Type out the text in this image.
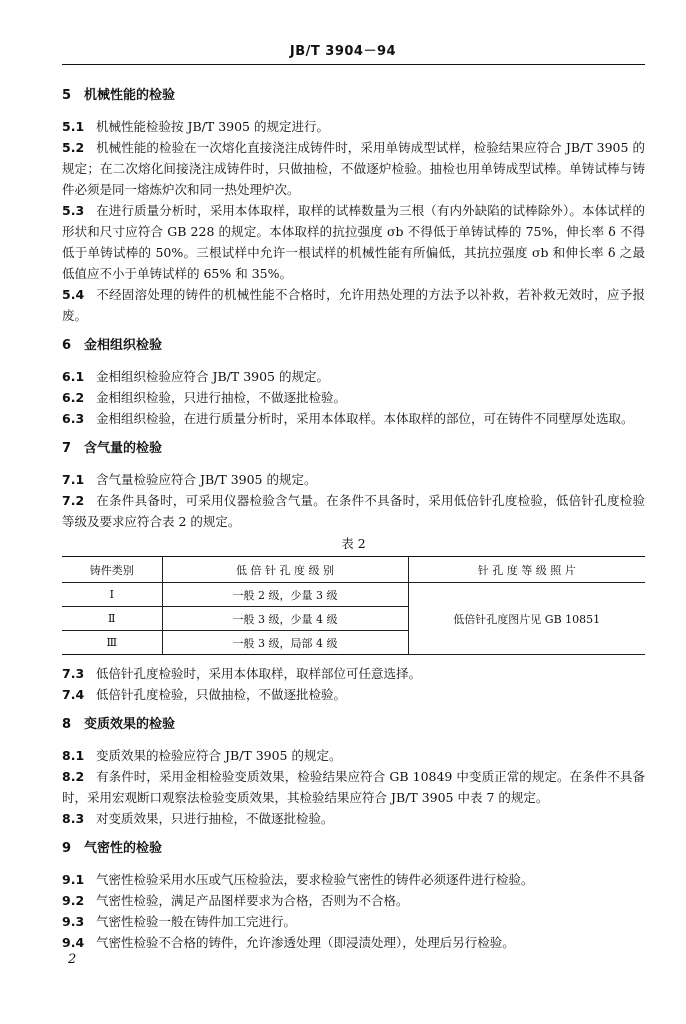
JB/T 3904－94
5 机械性能的检验
5.1 机械性能检验按 JB/T 3905 的规定进行。
5.2 机械性能的检验在一次熔化直接浇注成铸件时，采用单铸成型试样，检验结果应符合 JB/T 3905 的规定；在二次熔化间接浇注成铸件时，只做抽检，不做逐炉检验。抽检也用单铸成型试棒。单铸试棒与铸件必须是同一熔炼炉次和同一热处理炉次。
5.3 在进行质量分析时，采用本体取样，取样的试棒数量为三根（有内外缺陷的试棒除外）。本体试样的形状和尺寸应符合 GB 228 的规定。本体取样的抗拉强度 σb 不得低于单铸试棒的 75%，伸长率 δ 不得低于单铸试棒的 50%。三根试样中允许一根试样的机械性能有所偏低，其抗拉强度 σb 和伸长率 δ 之最低值应不小于单铸试样的 65% 和 35%。
5.4 不经固溶处理的铸件的机械性能不合格时，允许用热处理的方法予以补救，若补救无效时，应予报废。
6 金相组织检验
6.1 金相组织检验应符合 JB/T 3905 的规定。
6.2 金相组织检验，只进行抽检，不做逐批检验。
6.3 金相组织检验，在进行质量分析时，采用本体取样。本体取样的部位，可在铸件不同壁厚处选取。
7 含气量的检验
7.1 含气量检验应符合 JB/T 3905 的规定。
7.2 在条件具备时，可采用仪器检验含气量。在条件不具备时，采用低倍针孔度检验，低倍针孔度检验等级及要求应符合表 2 的规定。
表 2
铸件类别	低 倍 针 孔 度 级 别	针 孔 度 等 级 照 片
Ⅰ	一般 2 级，少量 3 级	低倍针孔度图片见 GB 10851
Ⅱ	一般 3 级，少量 4 级	
Ⅲ	一般 3 级，局部 4 级	
7.3 低倍针孔度检验时，采用本体取样，取样部位可任意选择。
7.4 低倍针孔度检验，只做抽检，不做逐批检验。
8 变质效果的检验
8.1 变质效果的检验应符合 JB/T 3905 的规定。
8.2 有条件时，采用金相检验变质效果，检验结果应符合 GB 10849 中变质正常的规定。在条件不具备时，采用宏观断口观察法检验变质效果，其检验结果应符合 JB/T 3905 中表 7 的规定。
8.3 对变质效果，只进行抽检，不做逐批检验。
9 气密性的检验
9.1 气密性检验采用水压或气压检验法，要求检验气密性的铸件必须逐件进行检验。
9.2 气密性检验，满足产品图样要求为合格，否则为不合格。
9.3 气密性检验一般在铸件加工完进行。
9.4 气密性检验不合格的铸件，允许渗透处理（即浸渍处理），处理后另行检验。
2
